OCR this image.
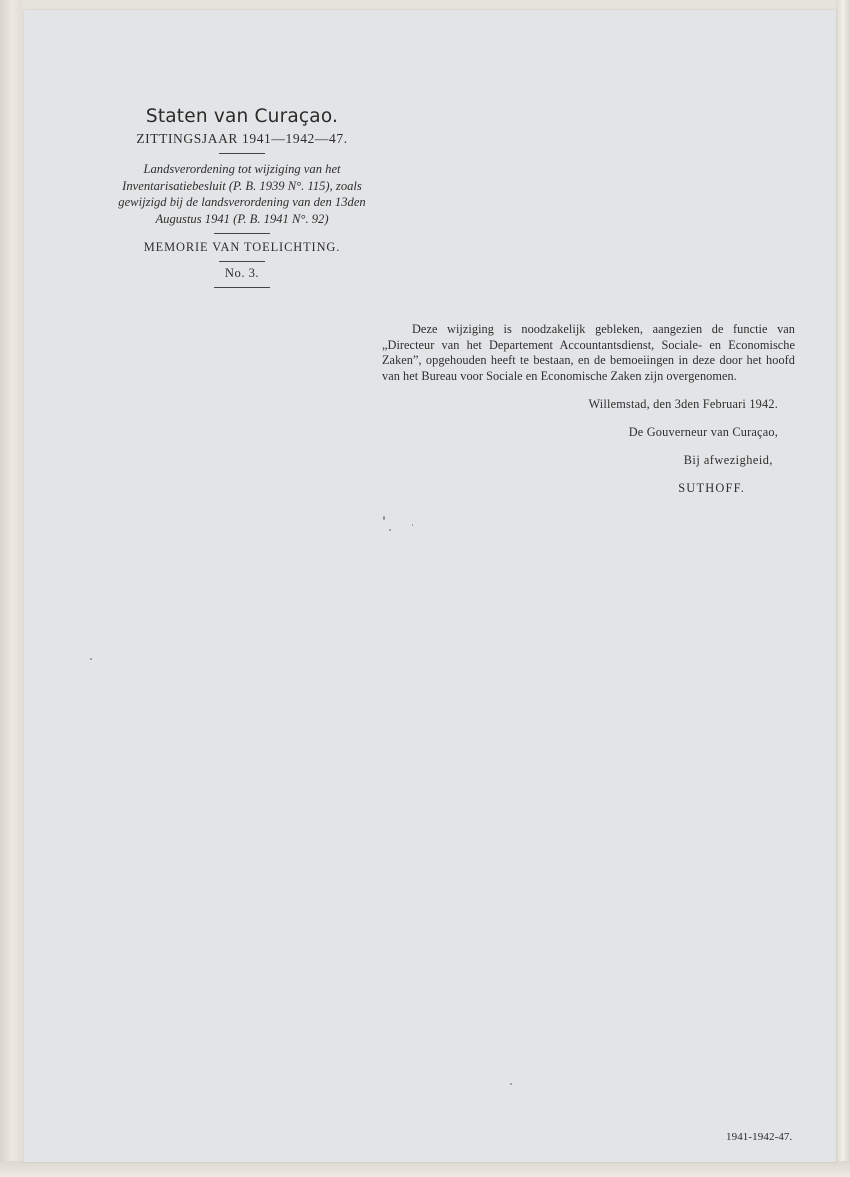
Staten van Curaçao.
ZITTINGSJAAR 1941—1942—47.
Landsverordening tot wijziging van het Inventarisatiebesluit (P. B. 1939 N°. 115), zoals gewijzigd bij de landsverordening van den 13den Augustus 1941 (P. B. 1941 N°. 92)
MEMORIE VAN TOELICHTING.
No. 3.

Deze wijziging is noodzakelijk gebleken, aangezien de functie van „Directeur van het Departement Accountantsdienst, Sociale- en Economische Zaken”, opgehouden heeft te bestaan, en de bemoeiingen in deze door het hoofd van het Bureau voor Sociale en Economische Zaken zijn overgenomen.

Willemstad, den 3den Februari 1942.
De Gouverneur van Curaçao,
Bij afwezigheid,
SUTHOFF.
1941-1942-47.
